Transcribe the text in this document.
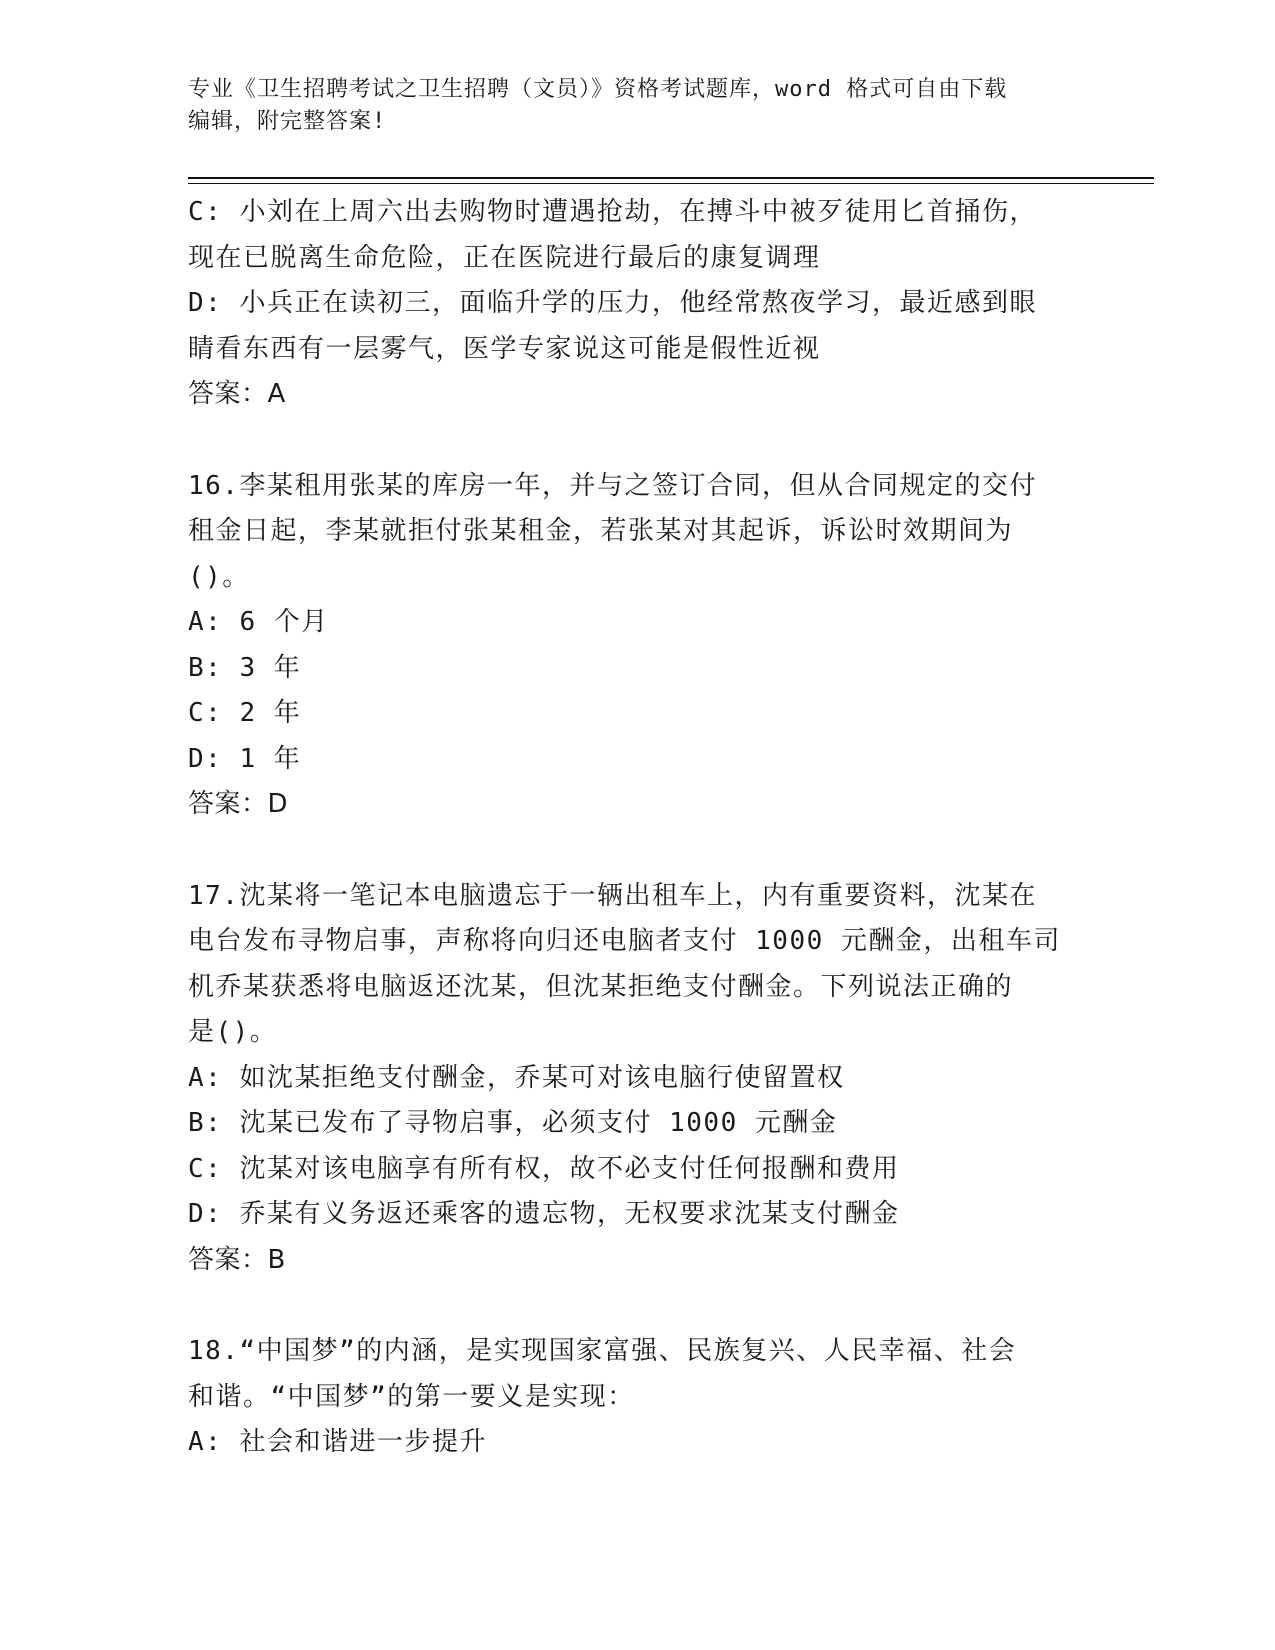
专业《卫生招聘考试之卫生招聘（文员）》资格考试题库，word 格式可自由下载
编辑，附完整答案!
C: 小刘在上周六出去购物时遭遇抢劫，在搏斗中被歹徒用匕首捅伤，
现在已脱离生命危险，正在医院进行最后的康复调理
D: 小兵正在读初三，面临升学的压力，他经常熬夜学习，最近感到眼
睛看东西有一层雾气，医学专家说这可能是假性近视
答案：A
16.李某租用张某的库房一年，并与之签订合同，但从合同规定的交付
租金日起，李某就拒付张某租金，若张某对其起诉，诉讼时效期间为
()。
A: 6 个月
B: 3 年
C: 2 年
D: 1 年
答案：D
17.沈某将一笔记本电脑遗忘于一辆出租车上，内有重要资料，沈某在
电台发布寻物启事，声称将向归还电脑者支付 1000 元酬金，出租车司
机乔某获悉将电脑返还沈某，但沈某拒绝支付酬金。下列说法正确的
是()。
A: 如沈某拒绝支付酬金，乔某可对该电脑行使留置权
B: 沈某已发布了寻物启事，必须支付 1000 元酬金
C: 沈某对该电脑享有所有权，故不必支付任何报酬和费用
D: 乔某有义务返还乘客的遗忘物，无权要求沈某支付酬金
答案：B
18.“中国梦”的内涵，是实现国家富强、民族复兴、人民幸福、社会
和谐。“中国梦”的第一要义是实现：
A: 社会和谐进一步提升
